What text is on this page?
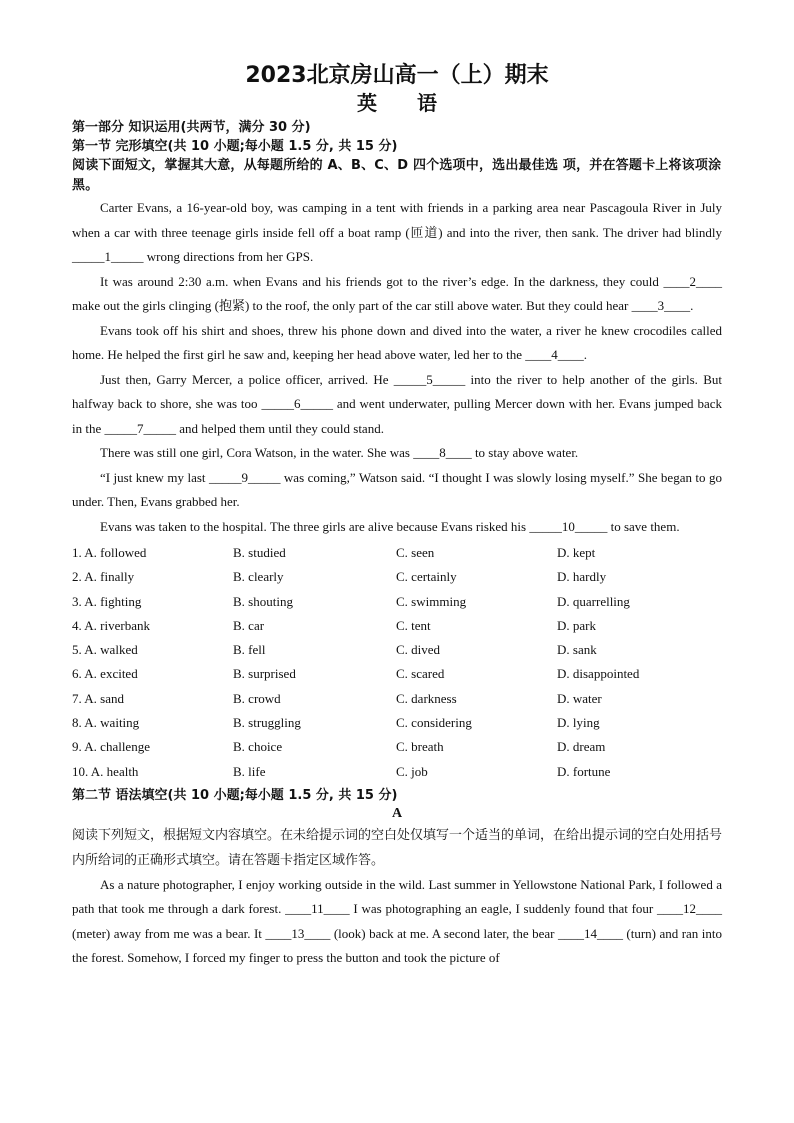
2023北京房山高一（上）期末
英语

第一部分 知识运用(共两节，满分 30 分)

第一节 完形填空(共 10 小题;每小题 1.5 分, 共 15 分)

阅读下面短文，掌握其大意，从每题所给的 A、B、C、D 四个选项中，选出最佳选 项，并在答题卡上将该项涂黑。

Carter Evans, a 16-year-old boy, was camping in a tent with friends in a parking area near Pascagoula River in July when a car with three teenage girls inside fell off a boat ramp (匝道) and into the river, then sank. The driver had blindly _____1_____ wrong directions from her GPS.

It was around 2:30 a.m. when Evans and his friends got to the river’s edge. In the darkness, they could ____2____ make out the girls clinging (抱紧) to the roof, the only part of the car still above water. But they could hear ____3____.

Evans took off his shirt and shoes, threw his phone down and dived into the water, a river he knew crocodiles called home. He helped the first girl he saw and, keeping her head above water, led her to the ____4____.

Just then, Garry Mercer, a police officer, arrived. He _____5_____ into the river to help another of the girls. But halfway back to shore, she was too _____6_____ and went underwater, pulling Mercer down with her. Evans jumped back in the _____7_____ and helped them until they could stand.

There was still one girl, Cora Watson, in the water. She was ____8____ to stay above water.

“I just knew my last _____9_____ was coming,” Watson said. “I thought I was slowly losing myself.” She began to go under. Then, Evans grabbed her.

Evans was taken to the hospital. The three girls are alive because Evans risked his _____10_____ to save them.

1. A. followed	B. studied	C. seen	D. kept
2. A. finally	B. clearly	C. certainly	D. hardly
3. A. fighting	B. shouting	C. swimming	D. quarrelling
4. A. riverbank	B. car	C. tent	D. park
5. A. walked	B. fell	C. dived	D. sank
6. A. excited	B. surprised	C. scared	D. disappointed
7. A. sand	B. crowd	C. darkness	D. water
8. A. waiting	B. struggling	C. considering	D. lying
9. A. challenge	B. choice	C. breath	D. dream
10. A. health	B. life	C. job	D. fortune

第二节 语法填空(共 10 小题;每小题 1.5 分, 共 15 分)

A

阅读下列短文，根据短文内容填空。在未给提示词的空白处仅填写一个适当的单词，在给出提示词的空白处用括号内所给词的正确形式填空。请在答题卡指定区域作答。

As a nature photographer, I enjoy working outside in the wild. Last summer in Yellowstone National Park, I followed a path that took me through a dark forest. ____11____ I was photographing an eagle, I suddenly found that four ____12____ (meter) away from me was a bear. It ____13____ (look) back at me. A second later, the bear ____14____ (turn) and ran into the forest. Somehow, I forced my finger to press the button and took the picture of
